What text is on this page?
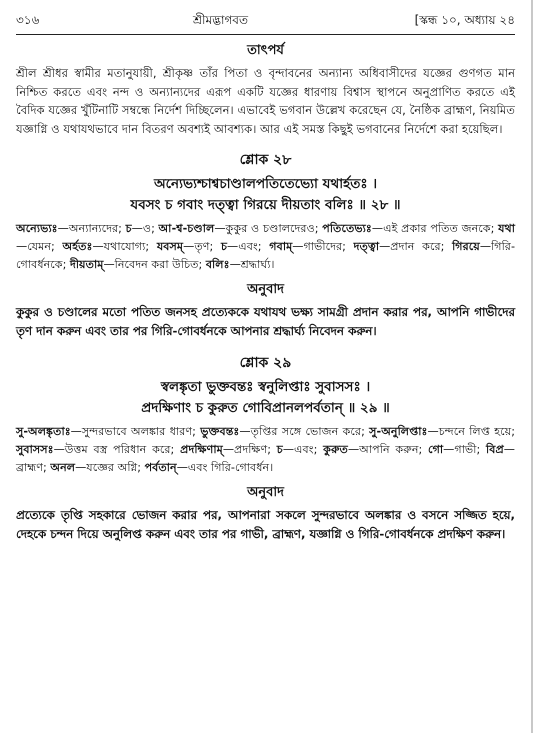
৩১৬	শ্রীমদ্ভাগবত	[স্কন্ধ ১০, অধ্যায় ২৪
তাৎপর্য

শ্রীল শ্রীধর স্বামীর মতানুযায়ী, শ্রীকৃষ্ণ তাঁর পিতা ও বৃন্দাবনের অন্যান্য অধিবাসীদের যজ্ঞের গুণগত মান নিশ্চিত করতে এবং নন্দ ও অন্যান্যদের এরূপ একটি যজ্ঞের ধারণায় বিশ্বাস স্থাপনে অনুপ্রাণিত করতে এই বৈদিক যজ্ঞের খুঁটিনাটি সম্বন্ধে নির্দেশ দিচ্ছিলেন। এভাবেই ভগবান উল্লেখ করেছেন যে, নৈষ্ঠিক ব্রাহ্মণ, নিয়মিত যজ্ঞাগ্নি ও যথাযথভাবে দান বিতরণ অবশ্যই আবশ্যক। আর এই সমস্ত কিছুই ভগবানের নির্দেশে করা হয়েছিল।

শ্লোক ২৮

অন্যেভ্যশ্চাশ্বচাণ্ডালপতিতেভ্যো যথার্হতঃ ।

যবসং চ গবাং দত্ত্বা গিরয়ে দীয়তাং বলিঃ ॥ ২৮ ॥

অন্যেভ্যঃ—অন্যান্যদের; চ—ও; আ-শ্ব-চণ্ডাল—কুকুর ও চণ্ডালদেরও; পতিতেভ্যঃ—এই প্রকার পতিত জনকে; যথা—যেমন; অর্হতঃ—যথাযোগ্য; যবসম্—তৃণ; চ—এবং; গবাম্—গাভীদের; দত্ত্বা—প্রদান করে; গিরয়ে—গিরি-গোবর্ধনকে; দীয়তাম্—নিবেদন করা উচিত; বলিঃ—শ্রদ্ধার্ঘ্য।

অনুবাদ

কুকুর ও চণ্ডালের মতো পতিত জনসহ প্রত্যেককে যথাযথ ভক্ষ্য সামগ্রী প্রদান করার পর, আপনি গাভীদের তৃণ দান করুন এবং তার পর গিরি-গোবর্ধনকে আপনার শ্রদ্ধার্ঘ্য নিবেদন করুন।

শ্লোক ২৯

স্বলঙ্কৃতা ভুক্তবন্তঃ স্বনুলিপ্তাঃ সুবাসসঃ ।

প্রদক্ষিণাং চ কুরুত গোবিপ্রানলপর্বতান্ ॥ ২৯ ॥

সু-অলঙ্কৃতাঃ—সুন্দরভাবে অলঙ্কার ধারণ; ভুক্তবন্তঃ—তৃপ্তির সঙ্গে ভোজন করে; সু-অনুলিপ্তাঃ—চন্দনে লিপ্ত হয়ে; সুবাসসঃ—উত্তম বস্ত্র পরিধান করে; প্রদক্ষিণাম্—প্রদক্ষিণ; চ—এবং; কুরুত—আপনি করুন; গো—গাভী; বিপ্র—ব্রাহ্মণ; অনল—যজ্ঞের অগ্নি; পর্বতান্—এবং গিরি-গোবর্ধন।

অনুবাদ

প্রত্যেকে তৃপ্তি সহকারে ভোজন করার পর, আপনারা সকলে সুন্দরভাবে অলঙ্কার ও বসনে সজ্জিত হয়ে, দেহকে চন্দন দিয়ে অনুলিপ্ত করুন এবং তার পর গাভী, ব্রাহ্মণ, যজ্ঞাগ্নি ও গিরি-গোবর্ধনকে প্রদক্ষিণ করুন।
